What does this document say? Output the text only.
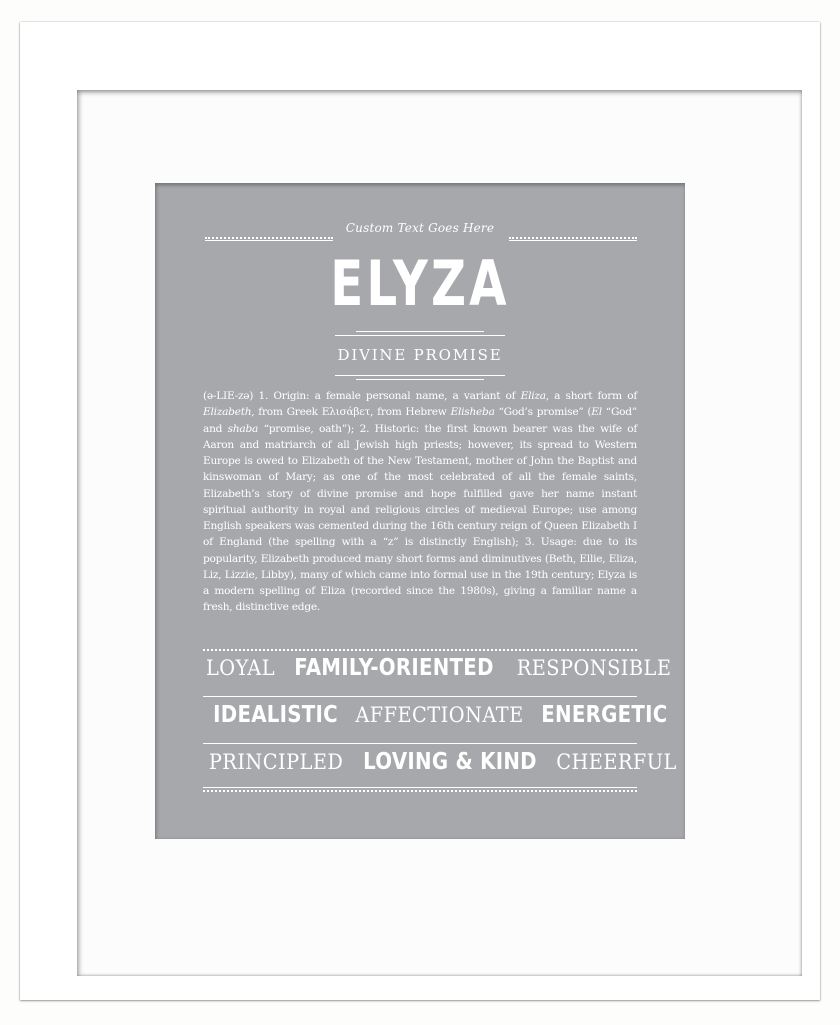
Custom Text Goes Here
ELYZA
DIVINE PROMISE
(ə-LIE-zə) 1. Origin: a female personal name, a variant of Eliza, a short form of Elizabeth, from Greek Ελισάβετ, from Hebrew Elisheba “God’s promise” (El “God” and shaba “promise, oath”); 2. Historic: the first known bearer was the wife of Aaron and matriarch of all Jewish high priests; however, its spread to Western Europe is owed to Elizabeth of the New Testament, mother of John the Baptist and kinswoman of Mary; as one of the most celebrated of all the female saints, Elizabeth’s story of divine promise and hope fulfilled gave her name instant spiritual authority in royal and religious circles of medieval Europe; use among English speakers was cemented during the 16th century reign of Queen Elizabeth I of England (the spelling with a “z” is distinctly English); 3. Usage: due to its popularity, Elizabeth produced many short forms and diminutives (Beth, Ellie, Eliza, Liz, Lizzie, Libby), many of which came into formal use in the 19th century; Elyza is a modern spelling of Eliza (recorded since the 1980s), giving a familiar name a fresh, distinctive edge.
LOYAL FAMILY-ORIENTED RESPONSIBLE
IDEALISTIC AFFECTIONATE ENERGETIC
PRINCIPLED LOVING & KIND CHEERFUL
